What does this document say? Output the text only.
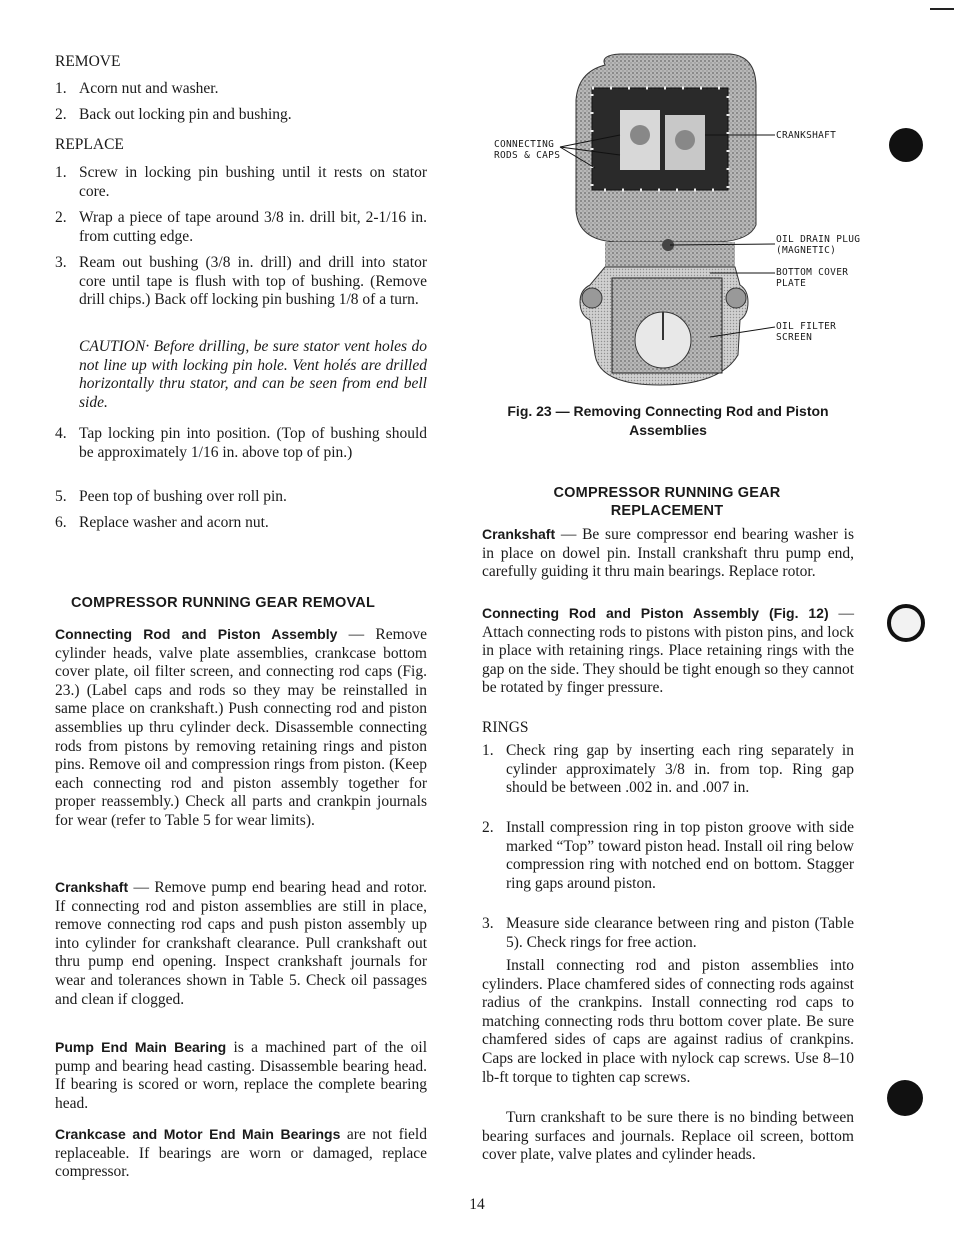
REMOVE
1. Acorn nut and washer.
2. Back out locking pin and bushing.
REPLACE
1. Screw in locking pin bushing until it rests on stator core.
2. Wrap a piece of tape around 3/8 in. drill bit, 2-1/16 in. from cutting edge.
3. Ream out bushing (3/8 in. drill) and drill into stator core until tape is flush with top of bushing. (Remove drill chips.) Back off locking pin bushing 1/8 of a turn.
CAUTION· Before drilling, be sure stator vent holes do not line up with locking pin hole. Vent holés are drilled horizontally thru stator, and can be seen from end bell side.
4. Tap locking pin into position. (Top of bushing should be approximately 1/16 in. above top of pin.)
5. Peen top of bushing over roll pin.
6. Replace washer and acorn nut.
COMPRESSOR RUNNING GEAR REMOVAL
Connecting Rod and Piston Assembly — Remove cylinder heads, valve plate assemblies, crankcase bottom cover plate, oil filter screen, and connecting rod caps (Fig. 23.) (Label caps and rods so they may be reinstalled in same place on crankshaft.) Push connecting rod and piston assemblies up thru cylinder deck. Disassemble connecting rods from pistons by removing retaining rings and piston pins. Remove oil and compression rings from piston. (Keep each connecting rod and piston assembly together for proper reassembly.) Check all parts and crankpin journals for wear (refer to Table 5 for wear limits).
Crankshaft — Remove pump end bearing head and rotor. If connecting rod and piston assemblies are still in place, remove connecting rod caps and push piston assembly up into cylinder for crankshaft clearance. Pull crankshaft out thru pump end opening. Inspect crankshaft journals for wear and tolerances shown in Table 5. Check oil passages and clean if clogged.
Pump End Main Bearing is a machined part of the oil pump and bearing head casting. Disassemble bearing head. If bearing is scored or worn, replace the complete bearing head.
Crankcase and Motor End Main Bearings are not field replaceable. If bearings are worn or damaged, replace compressor.
CONNECTING RODS & CAPS
CRANKSHAFT
OIL DRAIN PLUG (MAGNETIC)
BOTTOM COVER PLATE
OIL FILTER SCREEN
Fig. 23 — Removing Connecting Rod and Piston Assemblies
COMPRESSOR RUNNING GEAR REPLACEMENT
Crankshaft — Be sure compressor end bearing washer is in place on dowel pin. Install crankshaft thru pump end, carefully guiding it thru main bearings. Replace rotor.
Connecting Rod and Piston Assembly (Fig. 12) — Attach connecting rods to pistons with piston pins, and lock in place with retaining rings. Place retaining rings with the gap on the side. They should be tight enough so they cannot be rotated by finger pressure.
RINGS
1. Check ring gap by inserting each ring separately in cylinder approximately 3/8 in. from top. Ring gap should be between .002 in. and .007 in.
2. Install compression ring in top piston groove with side marked “Top” toward piston head. Install oil ring below compression ring with notched end on bottom. Stagger ring gaps around piston.
3. Measure side clearance between ring and piston (Table 5). Check rings for free action.
Install connecting rod and piston assemblies into cylinders. Place chamfered sides of connecting rods against radius of the crankpins. Install connecting rod caps to matching connecting rods thru bottom cover plate. Be sure chamfered sides of caps are against radius of crankpins. Caps are locked in place with nylock cap screws. Use 8–10 lb-ft torque to tighten cap screws.
Turn crankshaft to be sure there is no binding between bearing surfaces and journals. Replace oil screen, bottom cover plate, valve plates and cylinder heads.
14
